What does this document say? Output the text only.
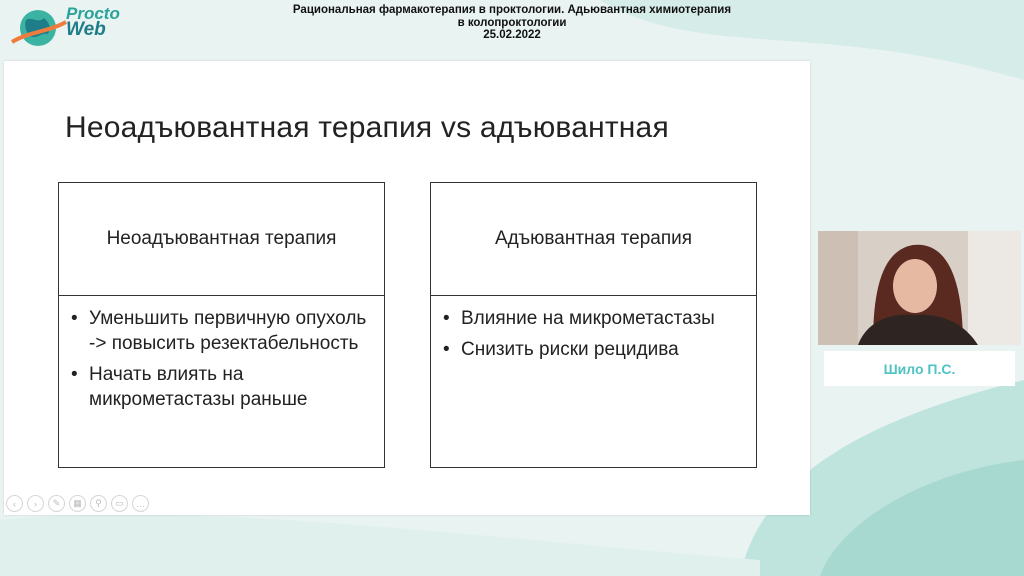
Procto
Web
Рациональная фармакотерапия в проктологии. Адьювантная химиотерапия
в колопроктологии
25.02.2022
Неоадъювантная терапия vs адъювантная
Неоадъювантная терапия
• Уменьшить первичную опухоль -> повысить резектабельность
• Начать влиять на микрометастазы раньше
Адъювантная терапия
• Влияние на микрометастазы
• Снизить риски рецидива
‹	›	✎	▦	⚲	▭	…
Шило П.С.
